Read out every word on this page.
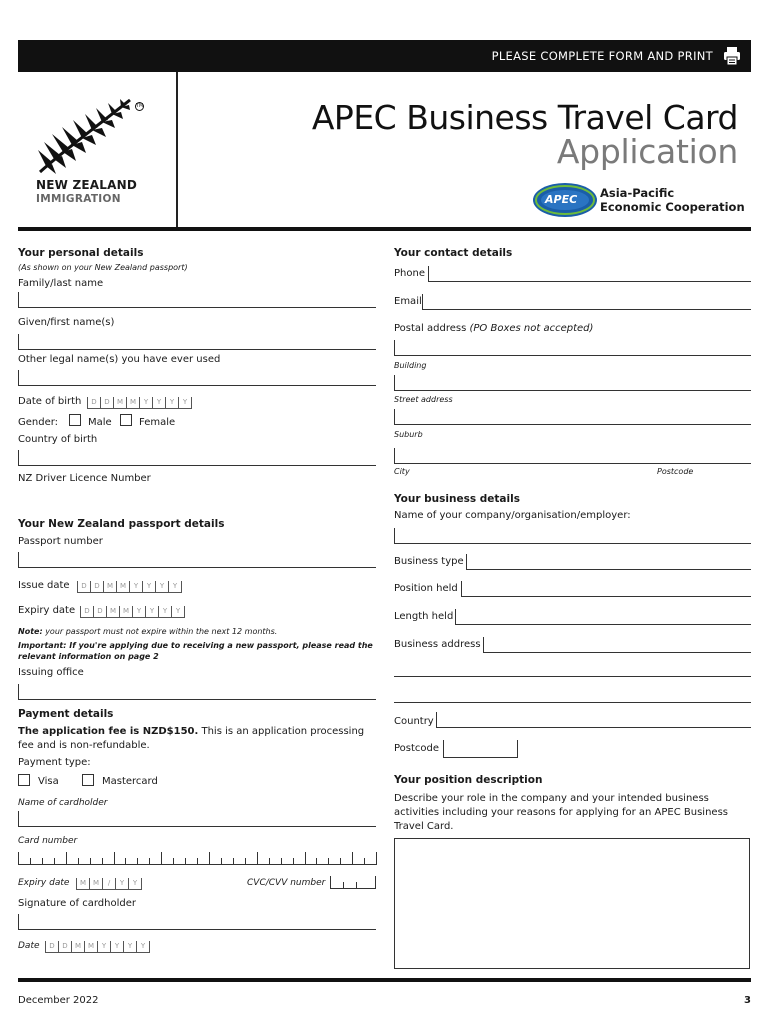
PLEASE COMPLETE FORM AND PRINT
TM
NEW ZEALAND
IMMIGRATION
APEC Business Travel Card
Application
APEC Asia-Pacific
Economic Cooperation
Your personal details
(As shown on your New Zealand passport)
Family/last name
Given/first name(s)
Other legal name(s) you have ever used
Date of birth	D	D	M M	Y	Y	Y	Y
Gender:	Male	Female
Country of birth
NZ Driver Licence Number
Your New Zealand passport details
Passport number
Issue date	D	D	M M	Y	Y	Y	Y
Expiry date	D	D	M M	Y	Y	Y	Y
Note: your passport must not expire within the next 12 months.
Important: If you're applying due to receiving a new passport, please read the
relevant information on page 2
Issuing office
Payment details
The application fee is NZD$150. This is an application processing
fee and is non-refundable.
Payment type:
Visa	Mastercard
Name of cardholder
Card number
Expiry date	M M	/	Y	Y	CVC/CVV number
Signature of cardholder
Date	D	D	M M	Y	Y	Y	Y
Your contact details
Phone
Email
Postal address (PO Boxes not accepted)
Building
Street address
Suburb
City	Postcode
Your business details
Name of your company/organisation/employer:
Business type
Position held
Length held
Business address
Country
Postcode
Your position description
Describe your role in the company and your intended business
activities including your reasons for applying for an APEC Business
Travel Card.
December 2022	3
